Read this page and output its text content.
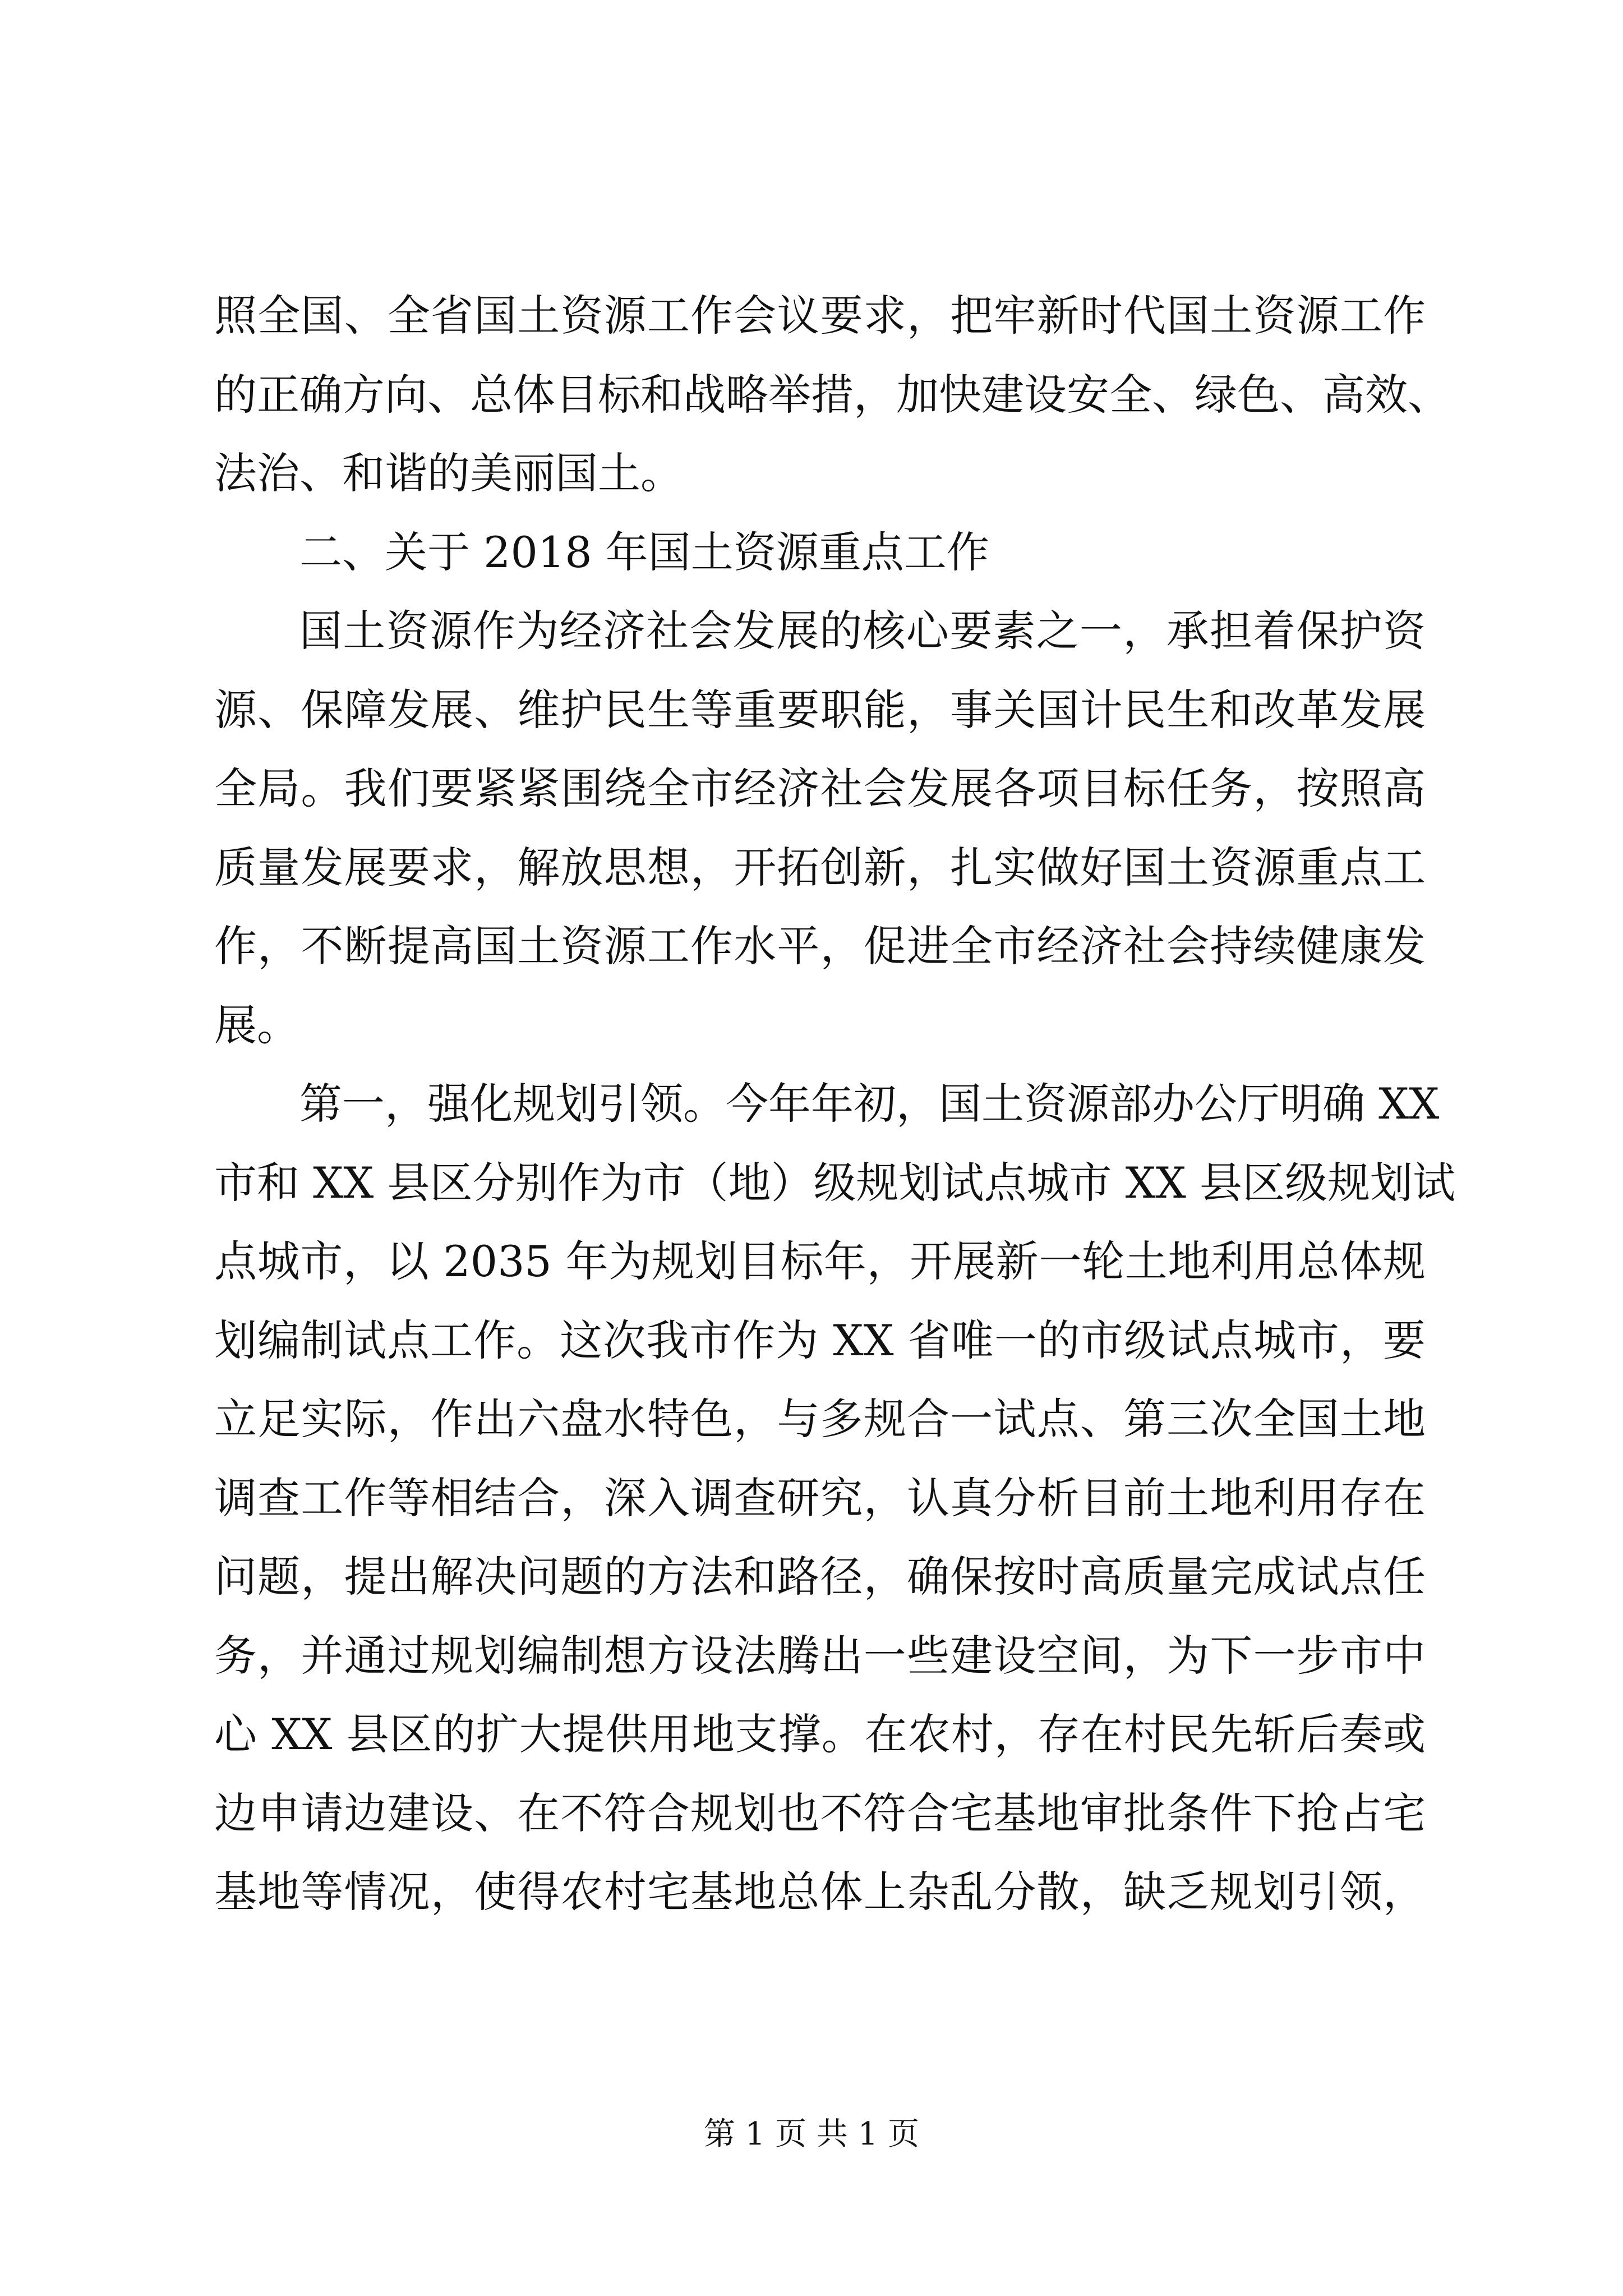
照全国、全省国土资源工作会议要求，把牢新时代国土资源工作
的正确方向、总体目标和战略举措，加快建设安全、绿色、高效、
法治、和谐的美丽国土。
二、关于 2018 年国土资源重点工作
国土资源作为经济社会发展的核心要素之一，承担着保护资
源、保障发展、维护民生等重要职能，事关国计民生和改革发展
全局。我们要紧紧围绕全市经济社会发展各项目标任务，按照高
质量发展要求，解放思想，开拓创新，扎实做好国土资源重点工
作，不断提高国土资源工作水平，促进全市经济社会持续健康发
展。
第一，强化规划引领。今年年初，国土资源部办公厅明确 XX
市和 XX 县区分别作为市（地）级规划试点城市 XX 县区级规划试
点城市，以 2035 年为规划目标年，开展新一轮土地利用总体规
划编制试点工作。这次我市作为 XX 省唯一的市级试点城市，要
立足实际，作出六盘水特色，与多规合一试点、第三次全国土地
调查工作等相结合，深入调查研究，认真分析目前土地利用存在
问题，提出解决问题的方法和路径，确保按时高质量完成试点任
务，并通过规划编制想方设法腾出一些建设空间，为下一步市中
心 XX 县区的扩大提供用地支撑。在农村，存在村民先斩后奏或
边申请边建设、在不符合规划也不符合宅基地审批条件下抢占宅
基地等情况，使得农村宅基地总体上杂乱分散，缺乏规划引领，
第 1 页 共 1 页
